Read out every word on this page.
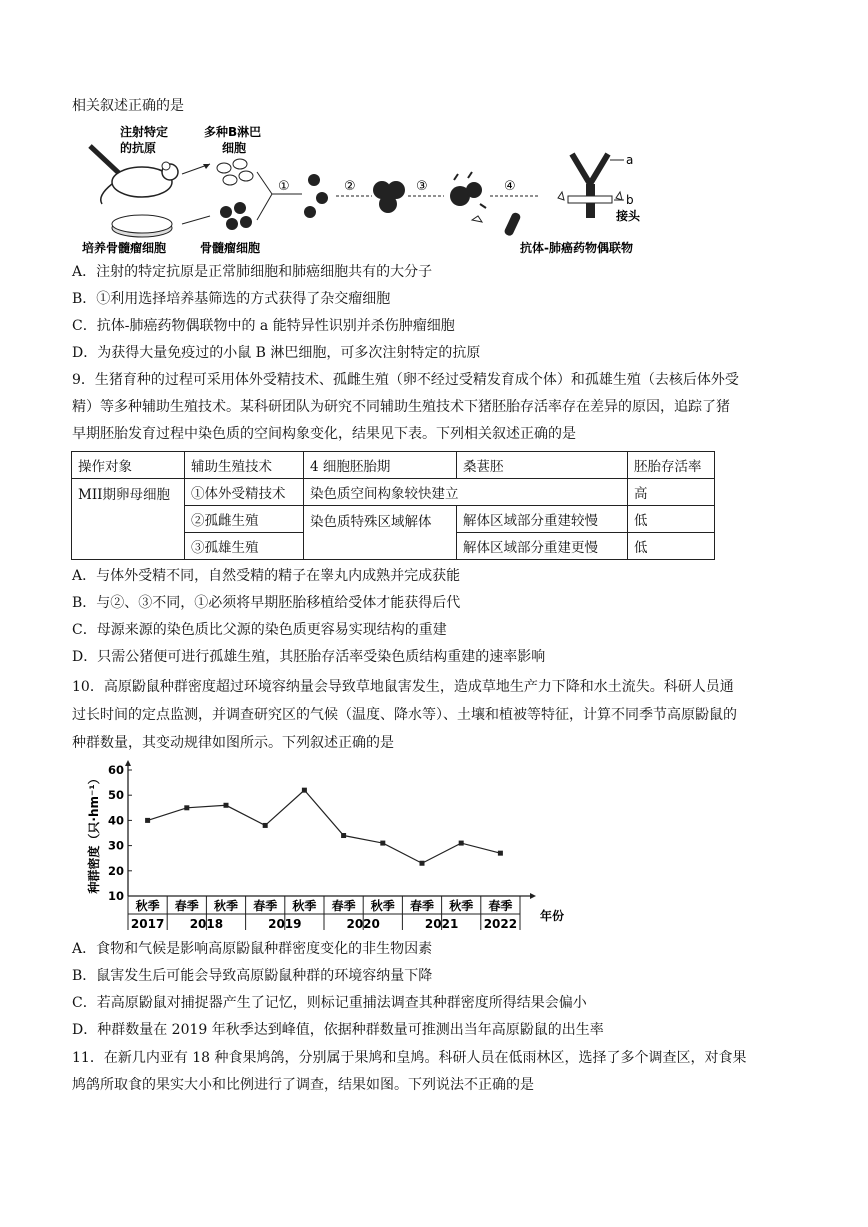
相关叙述正确的是
注射特定
的抗原
多种B淋巴
细胞
培养骨髓瘤细胞	骨髓瘤细胞
①	②	③	④
a
b
接头
抗体-肺癌药物偶联物
A．注射的特定抗原是正常肺细胞和肺癌细胞共有的大分子
B．①利用选择培养基筛选的方式获得了杂交瘤细胞
C．抗体-肺癌药物偶联物中的 a 能特异性识别并杀伤肿瘤细胞
D．为获得大量免疫过的小鼠 B 淋巴细胞，可多次注射特定的抗原
9．生猪育种的过程可采用体外受精技术、孤雌生殖（卵不经过受精发育成个体）和孤雄生殖（去核后体外受
精）等多种辅助生殖技术。某科研团队为研究不同辅助生殖技术下猪胚胎存活率存在差异的原因，追踪了猪
早期胚胎发育过程中染色质的空间构象变化，结果见下表。下列相关叙述正确的是
操作对象	辅助生殖技术	4 细胞胚胎期	桑葚胚	胚胎存活率
MII期卵母细胞	①体外受精技术	染色质空间构象较快建立		高
	②孤雌生殖	染色质特殊区域解体	解体区域部分重建较慢	低
	③孤雄生殖		解体区域部分重建更慢	低
A．与体外受精不同，自然受精的精子在睾丸内成熟并完成获能
B．与②、③不同，①必须将早期胚胎移植给受体才能获得后代
C．母源来源的染色质比父源的染色质更容易实现结构的重建
D．只需公猪便可进行孤雄生殖，其胚胎存活率受染色质结构重建的速率影响
10．高原鼢鼠种群密度超过环境容纳量会导致草地鼠害发生，造成草地生产力下降和水土流失。科研人员通
过长时间的定点监测，并调查研究区的气候（温度、降水等）、土壤和植被等特征，计算不同季节高原鼢鼠的
种群数量，其变动规律如图所示。下列叙述正确的是
10
20
30
40
50
60
种群密度（只·hm⁻¹）
秋季 春季 秋季 春季 秋季 春季 秋季 春季 秋季 春季
2017 2018	2019	2020	2021 2022
年份
A．食物和气候是影响高原鼢鼠种群密度变化的非生物因素
B．鼠害发生后可能会导致高原鼢鼠种群的环境容纳量下降
C．若高原鼢鼠对捕捉器产生了记忆，则标记重捕法调查其种群密度所得结果会偏小
D．种群数量在 2019 年秋季达到峰值，依据种群数量可推测出当年高原鼢鼠的出生率
11．在新几内亚有 18 种食果鸠鸽，分别属于果鸠和皇鸠。科研人员在低雨林区，选择了多个调查区，对食果
鸠鸽所取食的果实大小和比例进行了调查，结果如图。下列说法不正确的是
